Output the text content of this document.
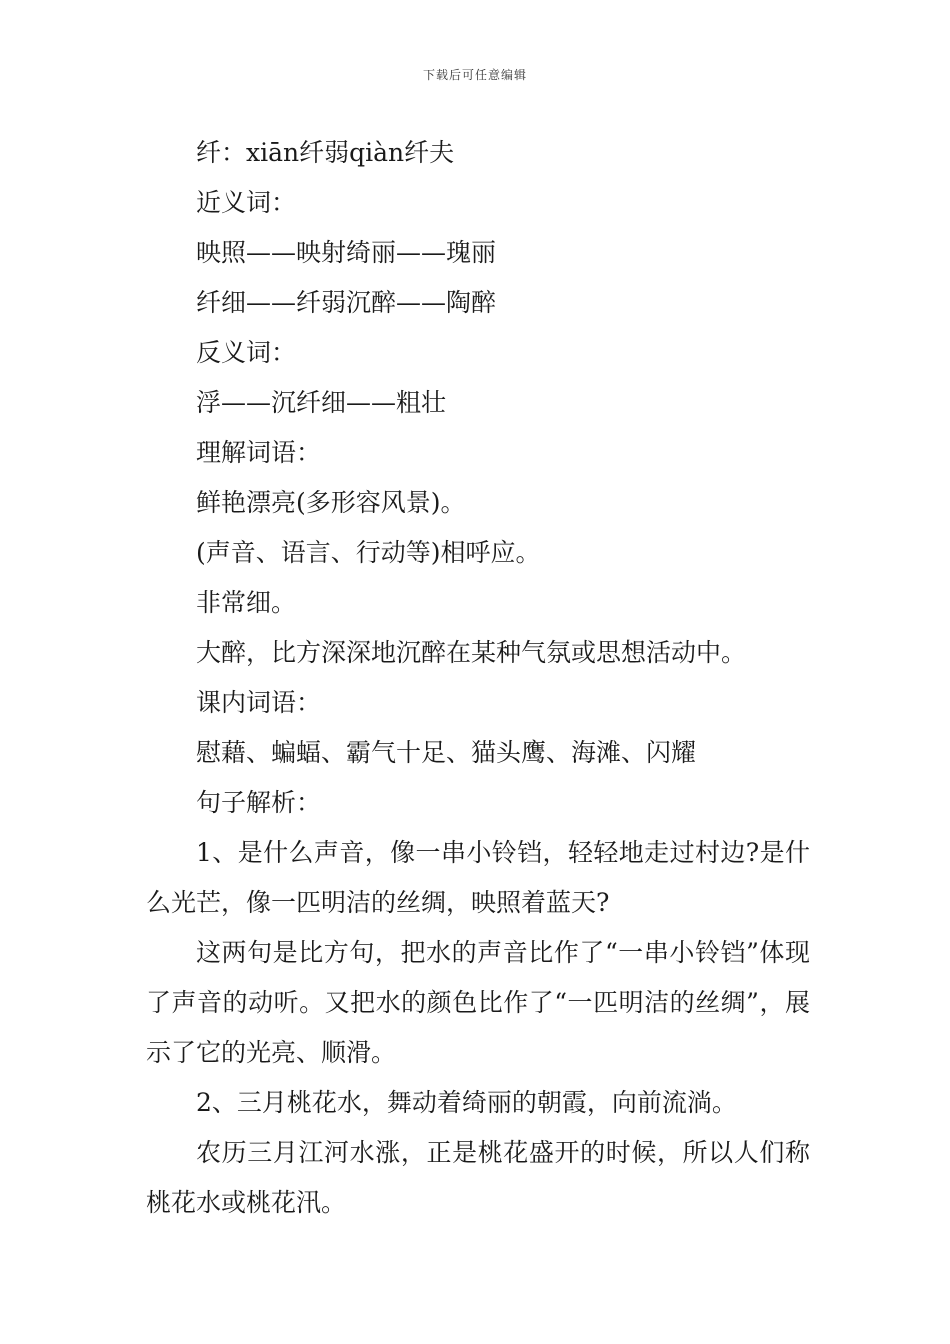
下载后可任意编辑
纤：xiān纤弱qiàn纤夫
近义词：
映照——映射绮丽——瑰丽
纤细——纤弱沉醉——陶醉
反义词：
浮——沉纤细——粗壮
理解词语：
鲜艳漂亮(多形容风景)。
(声音、语言、行动等)相呼应。
非常细。
大醉，比方深深地沉醉在某种气氛或思想活动中。
课内词语：
慰藉、蝙蝠、霸气十足、猫头鹰、海滩、闪耀
句子解析：

1、是什么声音，像一串小铃铛，轻轻地走过村边?是什么光芒，像一匹明洁的丝绸，映照着蓝天?

这两句是比方句，把水的声音比作了“一串小铃铛”体现了声音的动听。又把水的颜色比作了“一匹明洁的丝绸”，展示了它的光亮、顺滑。

2、三月桃花水，舞动着绮丽的朝霞，向前流淌。

农历三月江河水涨，正是桃花盛开的时候，所以人们称桃花水或桃花汛。
